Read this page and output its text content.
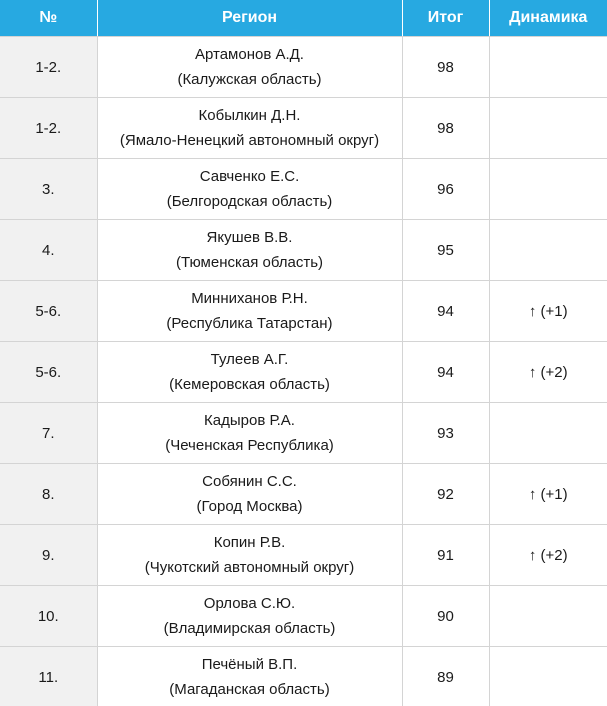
№	Регион	Итог	Динамика
1-2.	Артамонов А.Д.
(Калужская область)	98	
1-2.	Кобылкин Д.Н.
(Ямало-Ненецкий автономный округ)	98	
3.	Савченко Е.С.
(Белгородская область)	96	
4.	Якушев В.В.
(Тюменская область)	95	
5-6.	Минниханов Р.Н.
(Республика Татарстан)	94	↑ (+1)
5-6.	Тулеев А.Г.
(Кемеровская область)	94	↑ (+2)
7.	Кадыров Р.А.
(Чеченская Республика)	93	
8.	Собянин С.С.
(Город Москва)	92	↑ (+1)
9.	Копин Р.В.
(Чукотский автономный округ)	91	↑ (+2)
10.	Орлова С.Ю.
(Владимирская область)	90	
11.	Печёный В.П.
(Магаданская область)	89	
